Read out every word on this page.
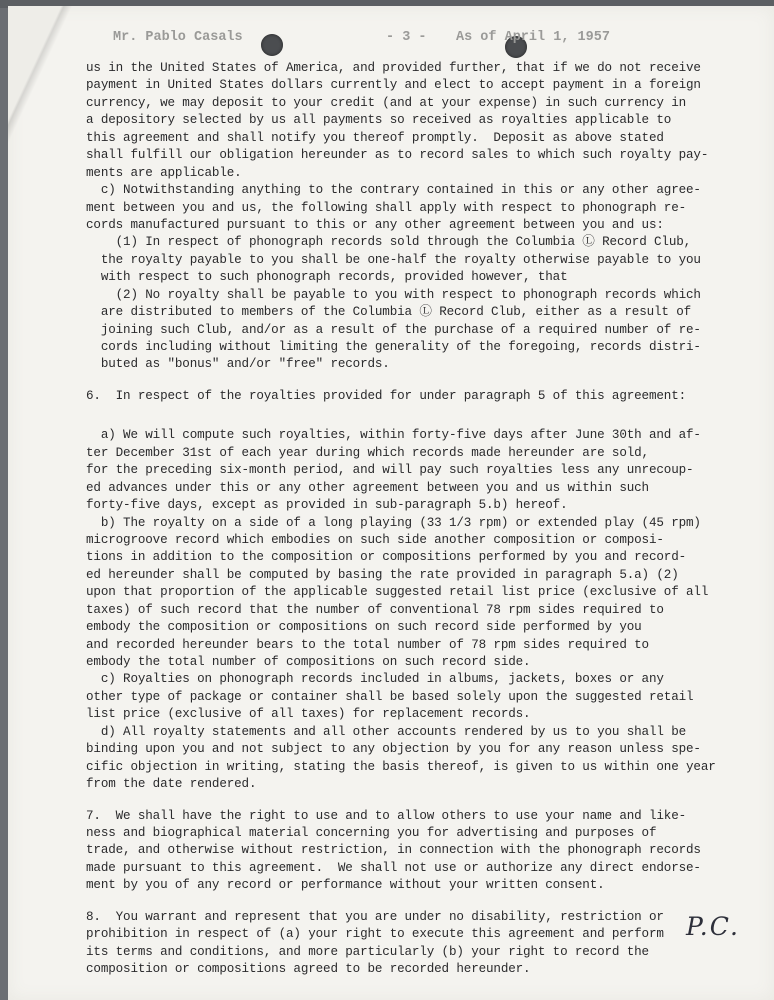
Mr. Pablo Casals	- 3 - As of April 1, 1957
us in the United States of America, and provided further, that if we do not receive
payment in United States dollars currently and elect to accept payment in a foreign
currency, we may deposit to your credit (and at your expense) in such currency in
a depository selected by us all payments so received as royalties applicable to
this agreement and shall notify you thereof promptly.  Deposit as above stated
shall fulfill our obligation hereunder as to record sales to which such royalty pay-
ments are applicable.
c) Notwithstanding anything to the contrary contained in this or any other agree-
ment between you and us, the following shall apply with respect to phonograph re-
cords manufactured pursuant to this or any other agreement between you and us:
(1) In respect of phonograph records sold through the Columbia Ⓛ Record Club,
the royalty payable to you shall be one-half the royalty otherwise payable to you
with respect to such phonograph records, provided however, that
(2) No royalty shall be payable to you with respect to phonograph records which
are distributed to members of the Columbia Ⓛ Record Club, either as a result of
joining such Club, and/or as a result of the purchase of a required number of re-
cords including without limiting the generality of the foregoing, records distri-
buted as "bonus" and/or "free" records.
6.  In respect of the royalties provided for under paragraph 5 of this agreement:
a) We will compute such royalties, within forty-five days after June 30th and af-
ter December 31st of each year during which records made hereunder are sold,
for the preceding six-month period, and will pay such royalties less any unrecoup-
ed advances under this or any other agreement between you and us within such
forty-five days, except as provided in sub-paragraph 5.b) hereof.
b) The royalty on a side of a long playing (33 1/3 rpm) or extended play (45 rpm)
microgroove record which embodies on such side another composition or composi-
tions in addition to the composition or compositions performed by you and record-
ed hereunder shall be computed by basing the rate provided in paragraph 5.a) (2)
upon that proportion of the applicable suggested retail list price (exclusive of all
taxes) of such record that the number of conventional 78 rpm sides required to
embody the composition or compositions on such record side performed by you
and recorded hereunder bears to the total number of 78 rpm sides required to
embody the total number of compositions on such record side.
c) Royalties on phonograph records included in albums, jackets, boxes or any
other type of package or container shall be based solely upon the suggested retail
list price (exclusive of all taxes) for replacement records.
d) All royalty statements and all other accounts rendered by us to you shall be
binding upon you and not subject to any objection by you for any reason unless spe-
cific objection in writing, stating the basis thereof, is given to us within one year
from the date rendered.
7.  We shall have the right to use and to allow others to use your name and like-
ness and biographical material concerning you for advertising and purposes of
trade, and otherwise without restriction, in connection with the phonograph records
made pursuant to this agreement.  We shall not use or authorize any direct endorse-
ment by you of any record or performance without your written consent.
8.  You warrant and represent that you are under no disability, restriction or
prohibition in respect of (a) your right to execute this agreement and perform
its terms and conditions, and more particularly (b) your right to record the
composition or compositions agreed to be recorded hereunder.
P.C.
